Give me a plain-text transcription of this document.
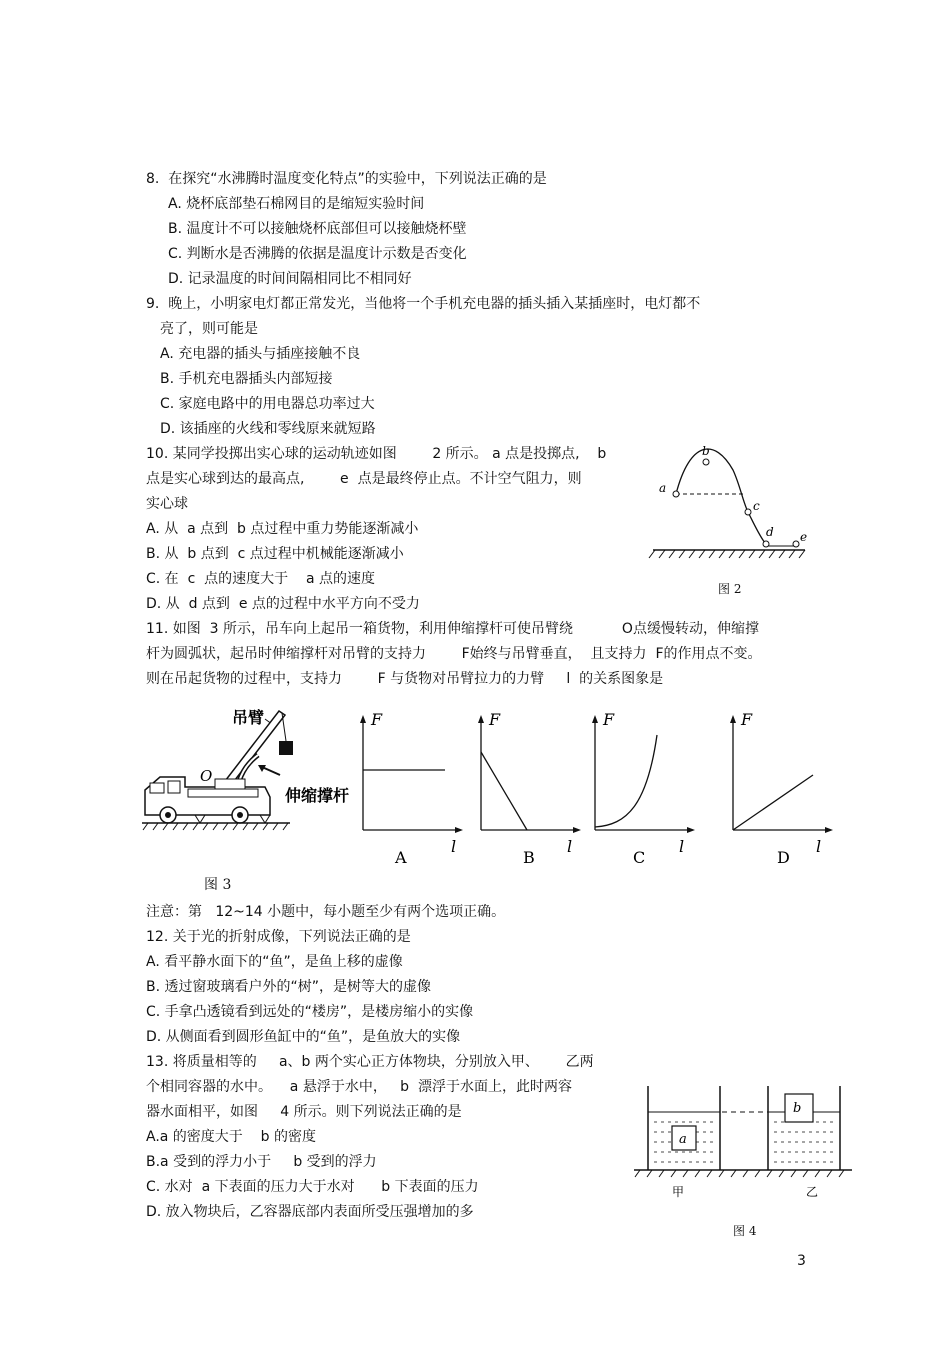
8.  在探究“水沸腾时温度变化特点”的实验中，下列说法正确的是
A. 烧杯底部垫石棉网目的是缩短实验时间
B. 温度计不可以接触烧杯底部但可以接触烧杯壁
C. 判断水是否沸腾的依据是温度计示数是否变化
D. 记录温度的时间间隔相同比不相同好
9.  晚上，小明家电灯都正常发光，当他将一个手机充电器的插头插入某插座时，电灯都不
亮了，则可能是
A. 充电器的插头与插座接触不良
B. 手机充电器插头内部短接
C. 家庭电路中的用电器总功率过大
D. 该插座的火线和零线原来就短路
10. 某同学投掷出实心球的运动轨迹如图        2 所示。 a 点是投掷点,    b
点是实心球到达的最高点,        e  点是最终停止点。不计空气阻力，则
实心球
A. 从  a 点到  b 点过程中重力势能逐渐减小
B. 从  b 点到  c 点过程中机械能逐渐减小
C. 在  c  点的速度大于    a 点的速度
D. 从  d 点到  e 点的过程中水平方向不受力
a
b
c
d e
图 2
11. 如图  3 所示，吊车向上起吊一箱货物，利用伸缩撑杆可使吊臂绕           O点缓慢转动，伸缩撑
杆为圆弧状，起吊时伸缩撑杆对吊臂的支持力        F始终与吊臂垂直，  且支持力  F的作用点不变。
则在吊起货物的过程中，支持力        F 与货物对吊臂拉力的力臂     l  的关系图象是
吊臂
O
伸缩撑杆
图 3
F
l
A
F
l
B
F
l
C
F
l
D
注意：第   12~14 小题中，每小题至少有两个选项正确。
12. 关于光的折射成像，下列说法正确的是
A. 看平静水面下的“鱼”，是鱼上移的虚像
B. 透过窗玻璃看户外的“树”，是树等大的虚像
C. 手拿凸透镜看到远处的“楼房”，是楼房缩小的实像
D. 从侧面看到圆形鱼缸中的“鱼”，是鱼放大的实像
13. 将质量相等的     a、b 两个实心正方体物块，分别放入甲、      乙两
个相同容器的水中。    a 悬浮于水中，   b  漂浮于水面上，此时两容
器水面相平，如图     4 所示。则下列说法正确的是
A.a 的密度大于    b 的密度
B.a 受到的浮力小于     b 受到的浮力
C. 水对  a 下表面的压力大于水对      b 下表面的压力
D. 放入物块后，乙容器底部内表面所受压强增加的多
a
b
甲	乙
图 4
3
